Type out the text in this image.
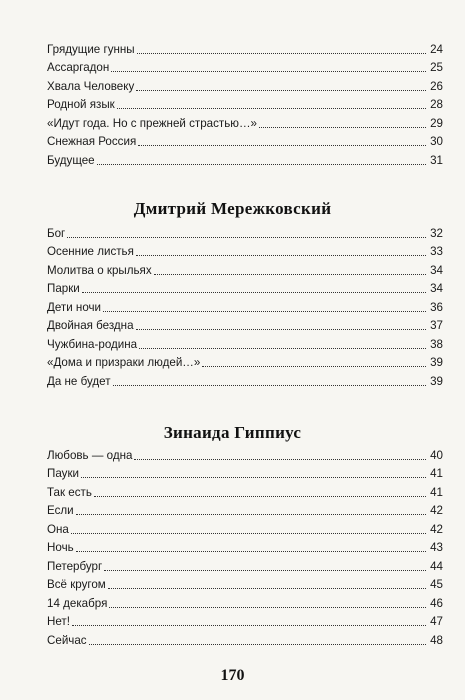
Грядущие гунны	24
Ассаргадон	25
Хвала Человеку	26
Родной язык	28
«Идут года. Но с прежней страстью…»	29
Снежная Россия	30
Будущее	31
Дмитрий Мережковский
Бог	32
Осенние листья	33
Молитва о крыльях	34
Парки	34
Дети ночи	36
Двойная бездна	37
Чужбина-родина	38
«Дома и призраки людей…»	39
Да не будет	39
Зинаида Гиппиус
Любовь — одна	40
Пауки	41
Так есть	41
Если	42
Она	42
Ночь	43
Петербург	44
Всё кругом	45
14 декабря	46
Нет!	47
Сейчас	48
170
